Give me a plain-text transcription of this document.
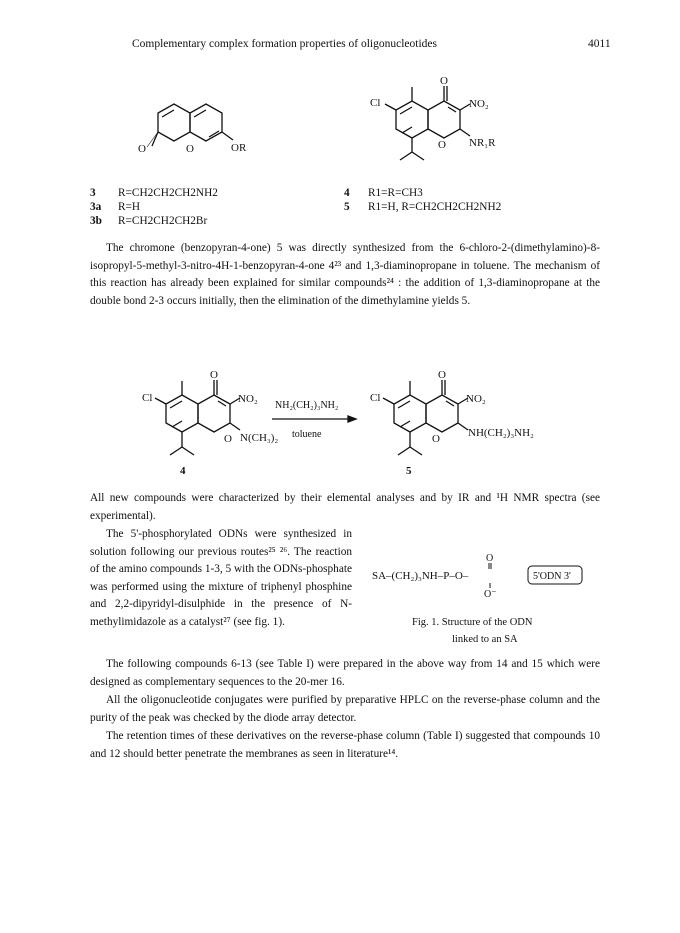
Complementary complex formation properties of oligonucleotides	4011
O	O	OR
Cl
O
O
NO₂
NR₁R
3 R=CH2CH2CH2NH2
3a R=H
3b R=CH2CH2CH2Br
4 R1=R=CH3
5 R1=H, R=CH2CH2CH2NH2
The chromone (benzopyran-4-one) 5 was directly synthesized from the 6-chloro-2-(dimethylamino)-8-isopropyl-5-methyl-3-nitro-4H-1-benzopyran-4-one 4²³ and 1,3-diaminopropane in toluene. The mechanism of this reaction has already been explained for similar compounds²⁴ : the addition of 1,3-diaminopropane at the double bond 2-3 occurs initially, then the elimination of the dimethylamine yields 5.
Cl
O
O
NO₂
N(CH₃)₂
NH₂(CH₂)₃NH₂
toluene
Cl
O
O
NO₂
NH(CH₂)₃NH₂
4	5
All new compounds were characterized by their elemental analyses and by IR and ¹H NMR spectra (see experimental).
The 5'-phosphorylated ODNs were synthesized in solution following our previous routes²⁵ ²⁶. The reaction of the amino compounds 1-3, 5 with the ODNs-phosphate was performed using the mixture of triphenyl phosphine and 2,2-dipyridyl-disulphide in the presence of N-methylimidazole as a catalyst²⁷ (see fig. 1).
SA–(CH₂)₃NH–P–O–
O
O⁻
5'ODN 3'
Fig. 1. Structure of the ODN
linked to an SA
The following compounds 6-13 (see Table I) were prepared in the above way from 14 and 15 which were designed as complementary sequences to the 20-mer 16.
All the oligonucleotide conjugates were purified by preparative HPLC on the reverse-phase column and the purity of the peak was checked by the diode array detector.
The retention times of these derivatives on the reverse-phase column (Table I) suggested that compounds 10 and 12 should better penetrate the membranes as seen in literature¹⁴.
